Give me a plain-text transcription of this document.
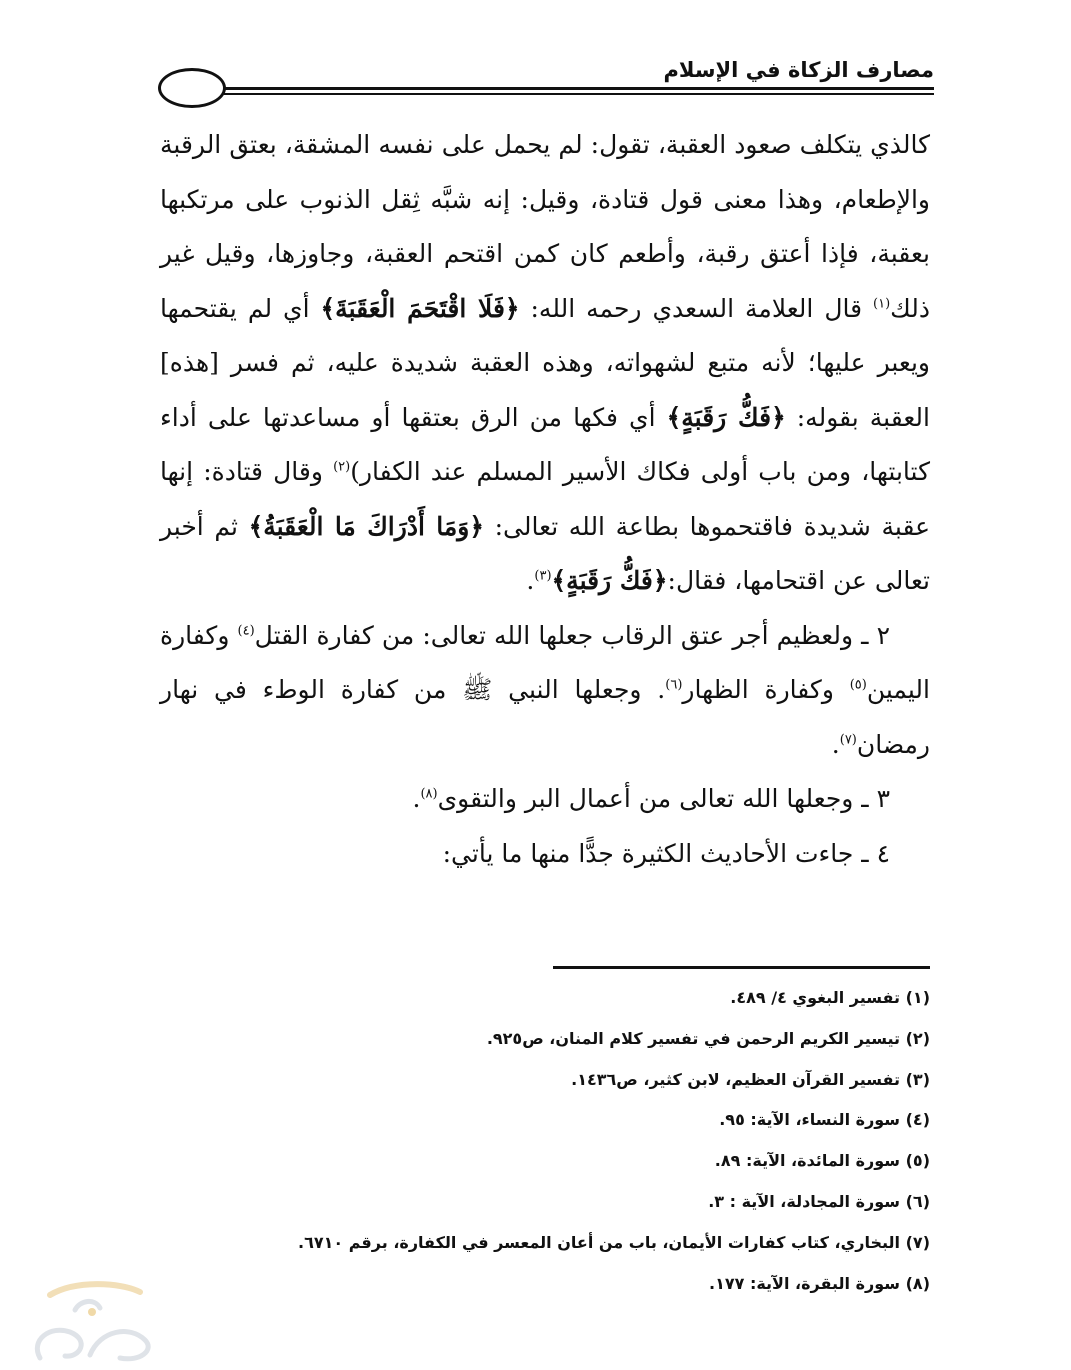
مصارف الزكاة في الإسلام

كالذي يتكلف صعود العقبة، تقول: لم يحمل على نفسه المشقة، بعتق الرقبة والإطعام، وهذا معنى قول قتادة، وقيل: إنه شبَّه ثِقل الذنوب على مرتكبها بعقبة، فإذا أعتق رقبة، وأطعم كان كمن اقتحم العقبة، وجاوزها، وقيل غير ذلك$^{(١)}$ قال العلامة السعدي رحمه الله: ﴿فَلَا اقْتَحَمَ الْعَقَبَةَ﴾ أي لم يقتحمها ويعبر عليها؛ لأنه متبع لشهواته، وهذه العقبة شديدة عليه، ثم فسر [هذه] العقبة بقوله: ﴿فَكُّ رَقَبَةٍ﴾ أي فكها من الرق بعتقها أو مساعدتها على أداء كتابتها، ومن باب أولى فكاك الأسير المسلم عند الكفار)$^{(٢)}$ وقال قتادة: إنها عقبة شديدة فاقتحموها بطاعة الله تعالى: ﴿وَمَا أَدْرَاكَ مَا الْعَقَبَةُ﴾ ثم أخبر تعالى عن اقتحامها، فقال:﴿فَكُّ رَقَبَةٍ﴾$^{(٣)}$.

٢ ـ ولعظيم أجر عتق الرقاب جعلها الله تعالى: من كفارة القتل$^{(٤)}$ وكفارة اليمين$^{(٥)}$ وكفارة الظهار$^{(٦)}$. وجعلها النبي ﷺ من كفارة الوطء في نهار رمضان$^{(٧)}$.

٣ ـ وجعلها الله تعالى من أعمال البر والتقوى$^{(٨)}$.

٤ ـ جاءت الأحاديث الكثيرة جدًّا منها ما يأتي:

(١) تفسير البغوي ٤/ ٤٨٩.
(٢) تيسير الكريم الرحمن في تفسير كلام المنان، ص٩٢٥.
(٣) تفسير القرآن العظيم، لابن كثير، ص١٤٣٦.
(٤) سورة النساء، الآية: ٩٥.
(٥) سورة المائدة، الآية: ٨٩.
(٦) سورة المجادلة، الآية : ٣.
(٧) البخاري، كتاب كفارات الأيمان، باب من أعان المعسر في الكفارة، برقم ٦٧١٠.
(٨) سورة البقرة، الآية: ١٧٧.
